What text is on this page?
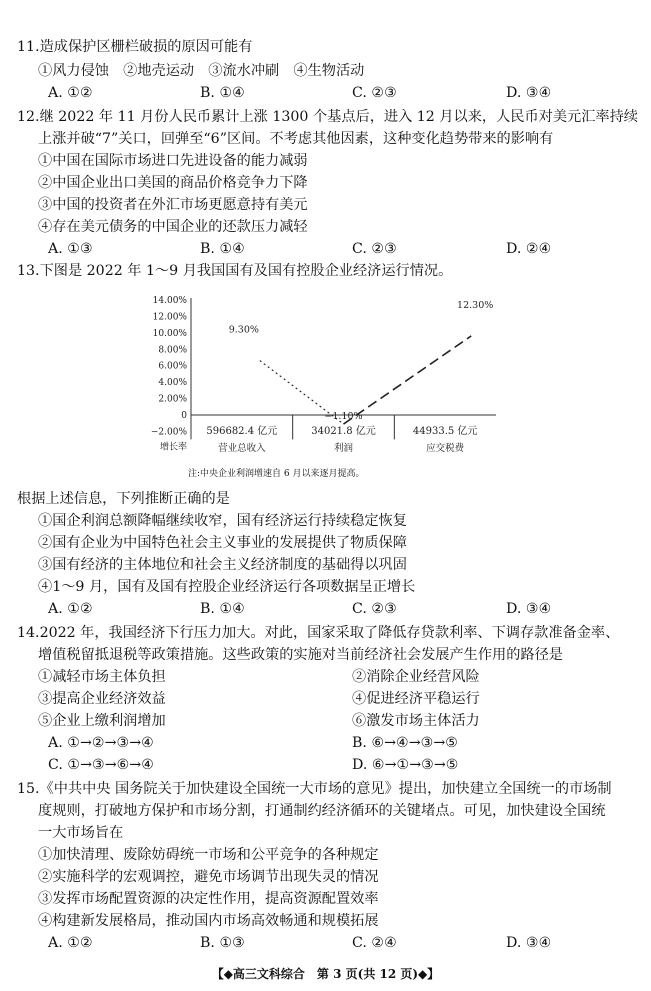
11.造成保护区栅栏破损的原因可能有
①风力侵蚀　②地壳运动　③流水冲刷　④生物活动
A. ①②	B. ①④	C. ②③	D. ③④
12.继 2022 年 11 月份人民币累计上涨 1300 个基点后，进入 12 月以来，人民币对美元汇率持续
上涨并破“7”关口，回弹至“6”区间。不考虑其他因素，这种变化趋势带来的影响有
①中国在国际市场进口先进设备的能力减弱
②中国企业出口美国的商品价格竞争力下降
③中国的投资者在外汇市场更愿意持有美元
④存在美元债务的中国企业的还款压力减轻
A. ①③	B. ①④	C. ②③	D. ②④
13.下图是 2022 年 1～9 月我国国有及国有控股企业经济运行情况。
14.00%
12.00%
10.00%
8.00%
6.00%
4.00%
2.00%
0
−2.00%
增长率
596682.4 亿元
营业总收入
34021.8 亿元
利润
44933.5 亿元
应交税费
9.30%
−1.10%
12.30%
注:中央企业利润增速自 6 月以来逐月提高。
根据上述信息，下列推断正确的是
①国企利润总额降幅继续收窄，国有经济运行持续稳定恢复
②国有企业为中国特色社会主义事业的发展提供了物质保障
③国有经济的主体地位和社会主义经济制度的基础得以巩固
④1～9 月，国有及国有控股企业经济运行各项数据呈正增长
A. ①②	B. ①④	C. ②③	D. ③④
14.2022 年，我国经济下行压力加大。对此，国家采取了降低存贷款利率、下调存款准备金率、
增值税留抵退税等政策措施。这些政策的实施对当前经济社会发展产生作用的路径是
①减轻市场主体负担	②消除企业经营风险
③提高企业经济效益	④促进经济平稳运行
⑤企业上缴利润增加	⑥激发市场主体活力
A. ①→②→③→④	B. ⑥→④→③→⑤
C. ①→③→⑥→④	D. ⑥→①→③→⑤
15.《中共中央 国务院关于加快建设全国统一大市场的意见》提出，加快建立全国统一的市场制
度规则，打破地方保护和市场分割，打通制约经济循环的关键堵点。可见，加快建设全国统
一大市场旨在
①加快清理、废除妨碍统一市场和公平竞争的各种规定
②实施科学的宏观调控，避免市场调节出现失灵的情况
③发挥市场配置资源的决定性作用，提高资源配置效率
④构建新发展格局，推动国内市场高效畅通和规模拓展
A. ①②	B. ①③	C. ②④	D. ③④
【◆高三文科综合　第 3 页(共 12 页)◆】
